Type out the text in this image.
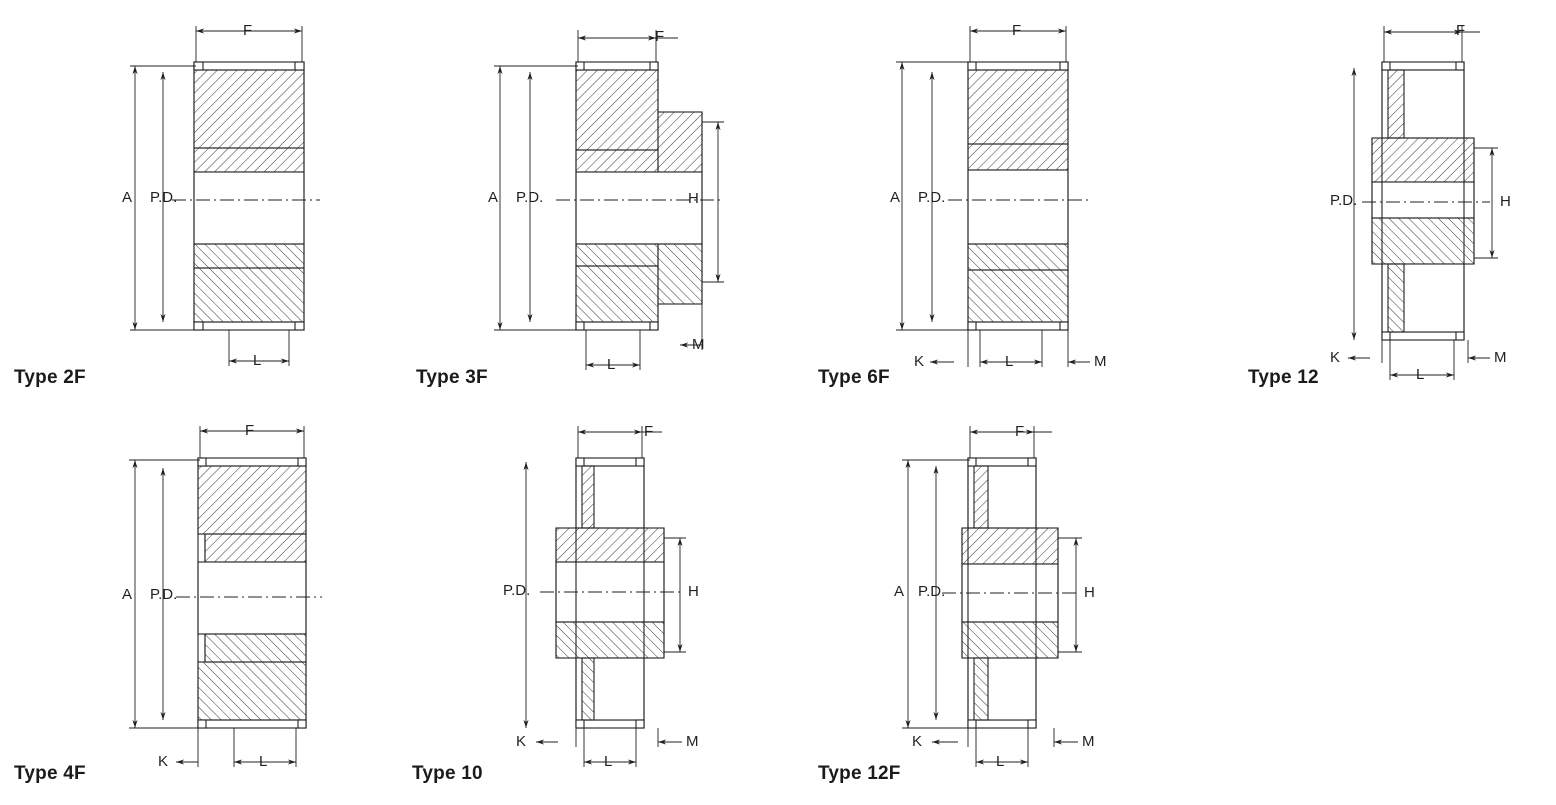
F
A P.D.
L
Type 2F
F
A P.D.	H
L
M
Type 3F
F
A P.D.
K	L	M
Type 6F
F
P.D.	H
K
L
M
Type 12
F
A P.D.
K	L
Type 4F
F
P.D.	H
K
L
M
Type 10
F
A P.D.	H
K
L
M
Type 12F
